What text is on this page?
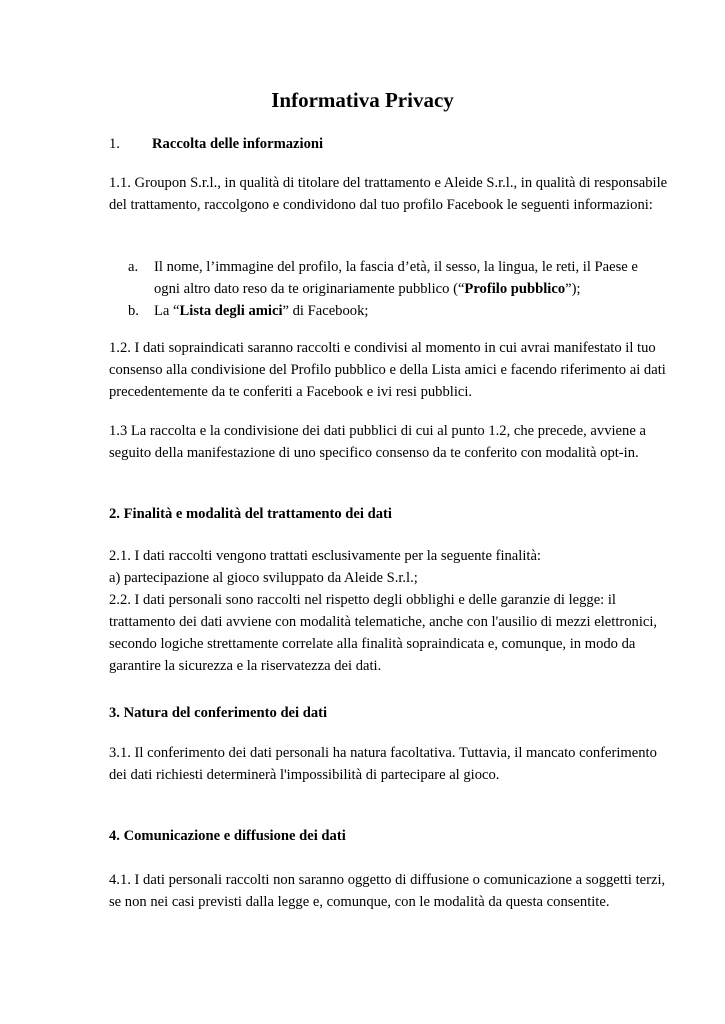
Informativa Privacy
1. Raccolta delle informazioni

1.1. Groupon S.r.l., in qualità di titolare del trattamento e Aleide S.r.l., in qualità di responsabile del trattamento, raccolgono e condividono dal tuo profilo Facebook le seguenti informazioni:

a. Il nome, l’immagine del profilo, la fascia d’età, il sesso, la lingua, le reti, il Paese e ogni altro dato reso da te originariamente pubblico (“Profilo pubblico”);
b. La “Lista degli amici” di Facebook;

1.2. I dati sopraindicati saranno raccolti e condivisi al momento in cui avrai manifestato il tuo consenso alla condivisione del Profilo pubblico e della Lista amici e facendo riferimento ai dati precedentemente da te conferiti a Facebook e ivi resi pubblici.

1.3 La raccolta e la condivisione dei dati pubblici di cui al punto 1.2, che precede, avviene a seguito della manifestazione di uno specifico consenso da te conferito con modalità opt-in.

2. Finalità e modalità del trattamento dei dati
2.1. I dati raccolti vengono trattati esclusivamente per la seguente finalità:
a) partecipazione al gioco sviluppato da Aleide S.r.l.;
2.2. I dati personali sono raccolti nel rispetto degli obblighi e delle garanzie di legge: il trattamento dei dati avviene con modalità telematiche, anche con l'ausilio di mezzi elettronici, secondo logiche strettamente correlate alla finalità sopraindicata e, comunque, in modo da garantire la sicurezza e la riservatezza dei dati.
3. Natura del conferimento dei dati

3.1. Il conferimento dei dati personali ha natura facoltativa. Tuttavia, il mancato conferimento dei dati richiesti determinerà l'impossibilità di partecipare al gioco.

4. Comunicazione e diffusione dei dati

4.1. I dati personali raccolti non saranno oggetto di diffusione o comunicazione a soggetti terzi, se non nei casi previsti dalla legge e, comunque, con le modalità da questa consentite.
